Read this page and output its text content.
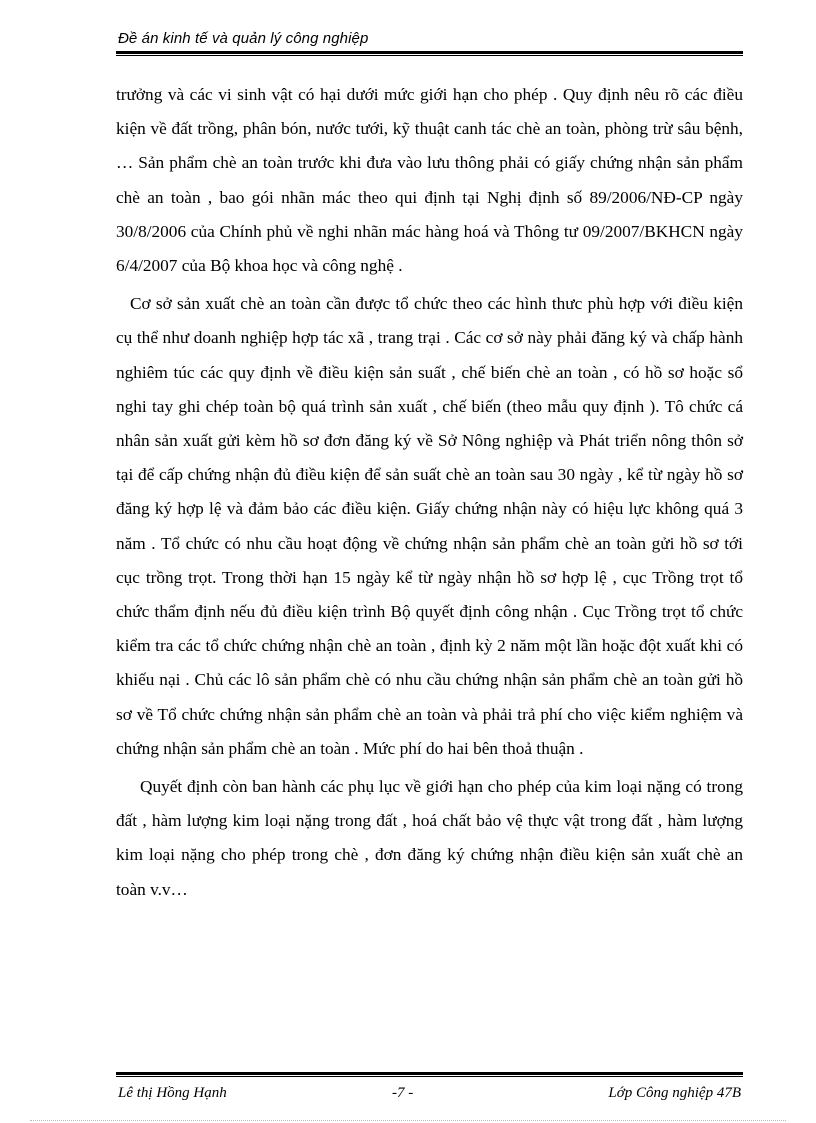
Đề án kinh tế và quản lý công nghiệp

trưởng và các vi sinh vật có hại dưới mức giới hạn cho phép . Quy định nêu rõ các điều kiện về đất trồng, phân bón, nước tưới, kỹ thuật canh tác chè an toàn, phòng trừ sâu bệnh, … Sản phẩm chè an toàn trước khi đưa vào lưu thông phải có giấy chứng nhận sản phẩm chè an toàn , bao gói nhãn mác theo qui định tại Nghị định số 89/2006/NĐ-CP ngày 30/8/2006 của Chính phủ về nghi nhãn mác hàng hoá và Thông tư 09/2007/BKHCN ngày 6/4/2007 của Bộ khoa học và công nghệ .

Cơ sở sản xuất chè an toàn cần được tổ chức theo các hình thưc phù hợp với điều kiện cụ thể như doanh nghiệp hợp tác xã , trang trại . Các cơ sở này phải đăng ký và chấp hành nghiêm túc các quy định về điều kiện sản suất , chế biến chè an toàn , có hồ sơ hoặc sổ nghi tay ghi chép toàn bộ quá trình sản xuất , chế biến (theo mẫu quy định ). Tô chức cá nhân sản xuất gửi kèm hồ sơ đơn đăng ký về Sở Nông nghiệp và Phát triển nông thôn sở tại để cấp chứng nhận đủ điều kiện để sản suất chè an toàn sau 30 ngày , kể từ ngày hồ sơ đăng ký hợp lệ và đảm bảo các điều kiện. Giấy chứng nhận này có hiệu lực không quá 3 năm . Tổ chức có nhu cầu hoạt động về chứng nhận sản phẩm chè an toàn gửi hồ sơ tới cục trồng trọt. Trong thời hạn 15 ngày kể từ ngày nhận hồ sơ hợp lệ , cục Trồng trọt tổ chức thẩm định nếu đủ điều kiện trình Bộ quyết định công nhận . Cục Trồng trọt tổ chức kiểm tra các tổ chức chứng nhận chè an toàn , định kỳ 2 năm một lần hoặc đột xuất khi có khiếu nại . Chủ các lô sản phẩm chè có nhu cầu chứng nhận sản phẩm chè an toàn gửi hồ sơ về Tổ chức chứng nhận sản phẩm chè an toàn và phải trả phí cho việc kiểm nghiệm và chứng nhận sản phẩm chè an toàn . Mức phí do hai bên thoả thuận .

Quyết định còn ban hành các phụ lục về giới hạn cho phép của kim loại nặng có trong đất , hàm lượng kim loại nặng trong đất , hoá chất bảo vệ thực vật trong đất , hàm lượng kim loại nặng cho phép trong chè , đơn đăng ký chứng nhận điều kiện sản xuất chè an toàn v.v…

Lê thị Hồng Hạnh	-7 -	Lớp Công nghiệp 47B
